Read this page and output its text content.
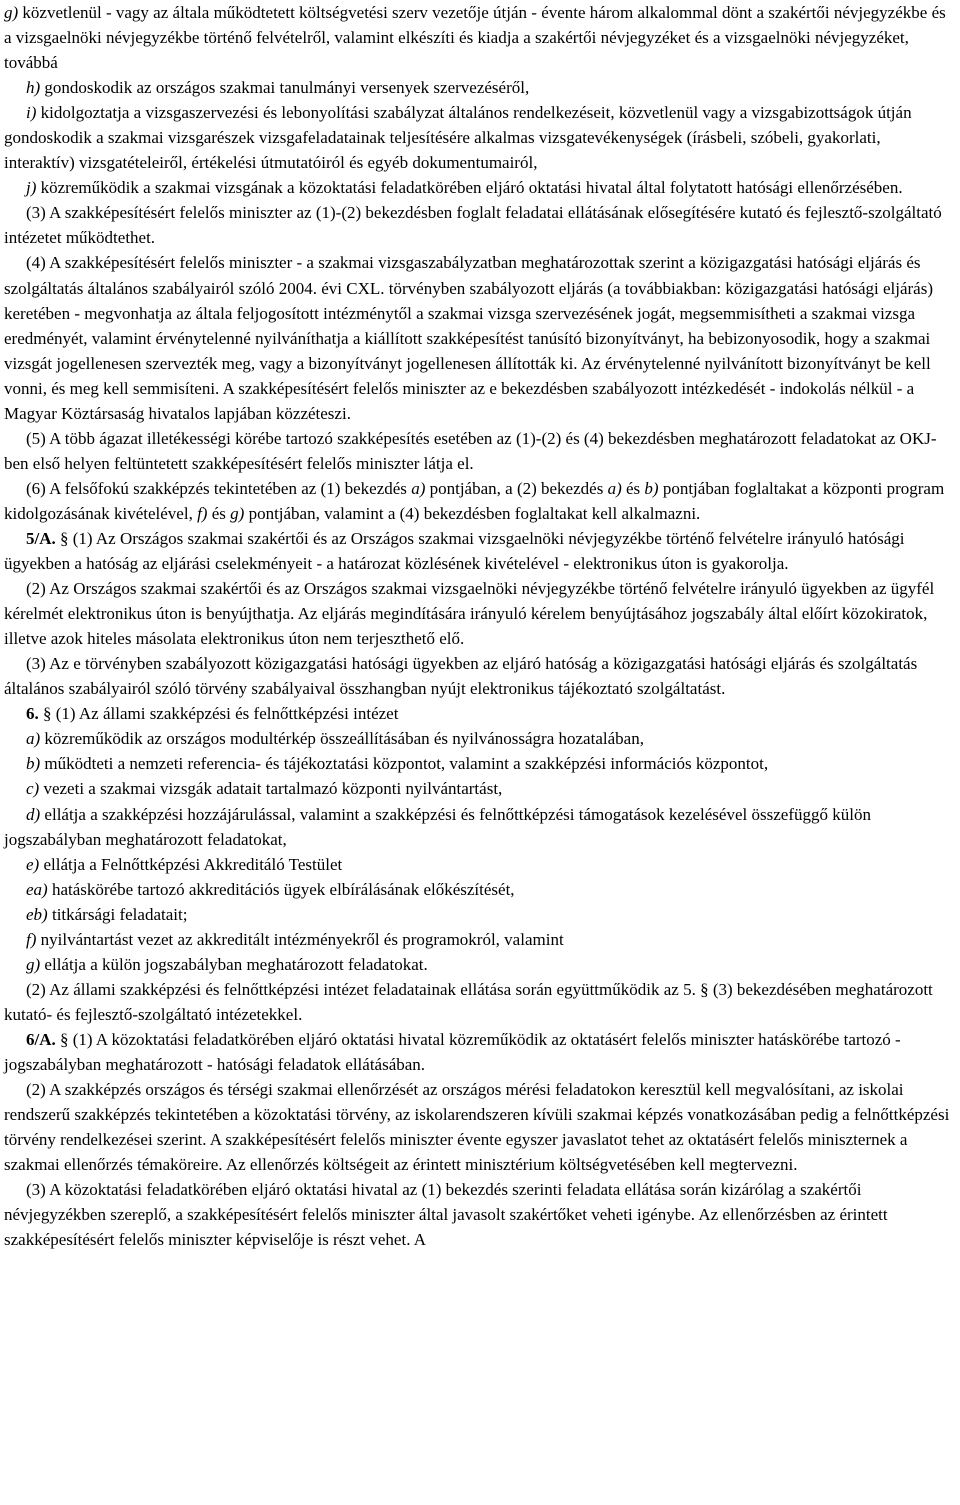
g) közvetlenül - vagy az általa működtetett költségvetési szerv vezetője útján - évente három alkalommal dönt a szakértői névjegyzékbe és a vizsgaelnöki névjegyzékbe történő felvételről, valamint elkészíti és kiadja a szakértői névjegyzéket és a vizsgaelnöki névjegyzéket, továbbá

h) gondoskodik az országos szakmai tanulmányi versenyek szervezéséről,

i) kidolgoztatja a vizsgaszervezési és lebonyolítási szabályzat általános rendelkezéseit, közvetlenül vagy a vizsgabizottságok útján gondoskodik a szakmai vizsgarészek vizsgafeladatainak teljesítésére alkalmas vizsgatevékenységek (írásbeli, szóbeli, gyakorlati, interaktív) vizsgatételeiről, értékelési útmutatóiról és egyéb dokumentumairól,

j) közreműködik a szakmai vizsgának a közoktatási feladatkörében eljáró oktatási hivatal által folytatott hatósági ellenőrzésében.

(3) A szakképesítésért felelős miniszter az (1)-(2) bekezdésben foglalt feladatai ellátásának elősegítésére kutató és fejlesztő-szolgáltató intézetet működtethet.

(4) A szakképesítésért felelős miniszter - a szakmai vizsgaszabályzatban meghatározottak szerint a közigazgatási hatósági eljárás és szolgáltatás általános szabályairól szóló 2004. évi CXL. törvényben szabályozott eljárás (a továbbiakban: közigazgatási hatósági eljárás) keretében - megvonhatja az általa feljogosított intézménytől a szakmai vizsga szervezésének jogát, megsemmisítheti a szakmai vizsga eredményét, valamint érvénytelenné nyilváníthatja a kiállított szakképesítést tanúsító bizonyítványt, ha bebizonyosodik, hogy a szakmai vizsgát jogellenesen szervezték meg, vagy a bizonyítványt jogellenesen állították ki. Az érvénytelenné nyilvánított bizonyítványt be kell vonni, és meg kell semmisíteni. A szakképesítésért felelős miniszter az e bekezdésben szabályozott intézkedését - indokolás nélkül - a Magyar Köztársaság hivatalos lapjában közzéteszi.

(5) A több ágazat illetékességi körébe tartozó szakképesítés esetében az (1)-(2) és (4) bekezdésben meghatározott feladatokat az OKJ-ben első helyen feltüntetett szakképesítésért felelős miniszter látja el.

(6) A felsőfokú szakképzés tekintetében az (1) bekezdés a) pontjában, a (2) bekezdés a) és b) pontjában foglaltakat a központi program kidolgozásának kivételével, f) és g) pontjában, valamint a (4) bekezdésben foglaltakat kell alkalmazni.

5/A. § (1) Az Országos szakmai szakértői és az Országos szakmai vizsgaelnöki névjegyzékbe történő felvételre irányuló hatósági ügyekben a hatóság az eljárási cselekményeit - a határozat közlésének kivételével - elektronikus úton is gyakorolja.

(2) Az Országos szakmai szakértői és az Országos szakmai vizsgaelnöki névjegyzékbe történő felvételre irányuló ügyekben az ügyfél kérelmét elektronikus úton is benyújthatja. Az eljárás megindítására irányuló kérelem benyújtásához jogszabály által előírt közokiratok, illetve azok hiteles másolata elektronikus úton nem terjeszthető elő.

(3) Az e törvényben szabályozott közigazgatási hatósági ügyekben az eljáró hatóság a közigazgatási hatósági eljárás és szolgáltatás általános szabályairól szóló törvény szabályaival összhangban nyújt elektronikus tájékoztató szolgáltatást.

6. § (1) Az állami szakképzési és felnőttképzési intézet

a) közreműködik az országos modultérkép összeállításában és nyilvánosságra hozatalában,

b) működteti a nemzeti referencia- és tájékoztatási központot, valamint a szakképzési információs központot,

c) vezeti a szakmai vizsgák adatait tartalmazó központi nyilvántartást,

d) ellátja a szakképzési hozzájárulással, valamint a szakképzési és felnőttképzési támogatások kezelésével összefüggő külön jogszabályban meghatározott feladatokat,

e) ellátja a Felnőttképzési Akkreditáló Testület

ea) hatáskörébe tartozó akkreditációs ügyek elbírálásának előkészítését,

eb) titkársági feladatait;

f) nyilvántartást vezet az akkreditált intézményekről és programokról, valamint

g) ellátja a külön jogszabályban meghatározott feladatokat.

(2) Az állami szakképzési és felnőttképzési intézet feladatainak ellátása során együttműködik az 5. § (3) bekezdésében meghatározott kutató- és fejlesztő-szolgáltató intézetekkel.

6/A. § (1) A közoktatási feladatkörében eljáró oktatási hivatal közreműködik az oktatásért felelős miniszter hatáskörébe tartozó - jogszabályban meghatározott - hatósági feladatok ellátásában.

(2) A szakképzés országos és térségi szakmai ellenőrzését az országos mérési feladatokon keresztül kell megvalósítani, az iskolai rendszerű szakképzés tekintetében a közoktatási törvény, az iskolarendszeren kívüli szakmai képzés vonatkozásában pedig a felnőttképzési törvény rendelkezései szerint. A szakképesítésért felelős miniszter évente egyszer javaslatot tehet az oktatásért felelős miniszternek a szakmai ellenőrzés témaköreire. Az ellenőrzés költségeit az érintett minisztérium költségvetésében kell megtervezni.

(3) A közoktatási feladatkörében eljáró oktatási hivatal az (1) bekezdés szerinti feladata ellátása során kizárólag a szakértői névjegyzékben szereplő, a szakképesítésért felelős miniszter által javasolt szakértőket veheti igénybe. Az ellenőrzésben az érintett szakképesítésért felelős miniszter képviselője is részt vehet. A
